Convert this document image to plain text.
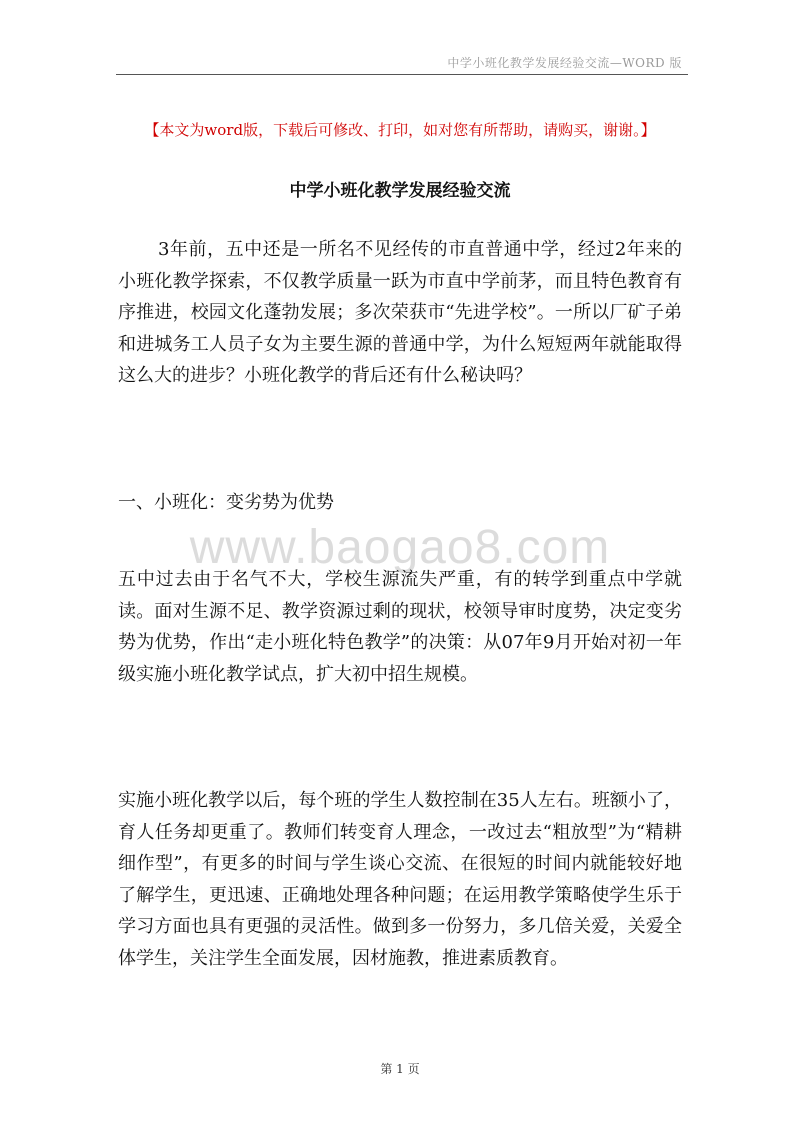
中学小班化教学发展经验交流—WORD 版
【本文为word版，下载后可修改、打印，如对您有所帮助，请购买，谢谢。】
中学小班化教学发展经验交流
3年前，五中还是一所名不见经传的市直普通中学，经过2年来的小班化教学探索，不仅教学质量一跃为市直中学前茅，而且特色教育有序推进，校园文化蓬勃发展；多次荣获市“先进学校”。一所以厂矿子弟和进城务工人员子女为主要生源的普通中学，为什么短短两年就能取得这么大的进步？小班化教学的背后还有什么秘诀吗？
一、小班化：变劣势为优势
www.baogao8.com
五中过去由于名气不大，学校生源流失严重，有的转学到重点中学就读。面对生源不足、教学资源过剩的现状，校领导审时度势，决定变劣势为优势，作出“走小班化特色教学”的决策：从07年9月开始对初一年级实施小班化教学试点，扩大初中招生规模。
实施小班化教学以后，每个班的学生人数控制在35人左右。班额小了，育人任务却更重了。教师们转变育人理念，一改过去“粗放型”为“精耕细作型”，有更多的时间与学生谈心交流、在很短的时间内就能较好地了解学生，更迅速、正确地处理各种问题；在运用教学策略使学生乐于学习方面也具有更强的灵活性。做到多一份努力，多几倍关爱，关爱全体学生，关注学生全面发展，因材施教，推进素质教育。
第 1 页
